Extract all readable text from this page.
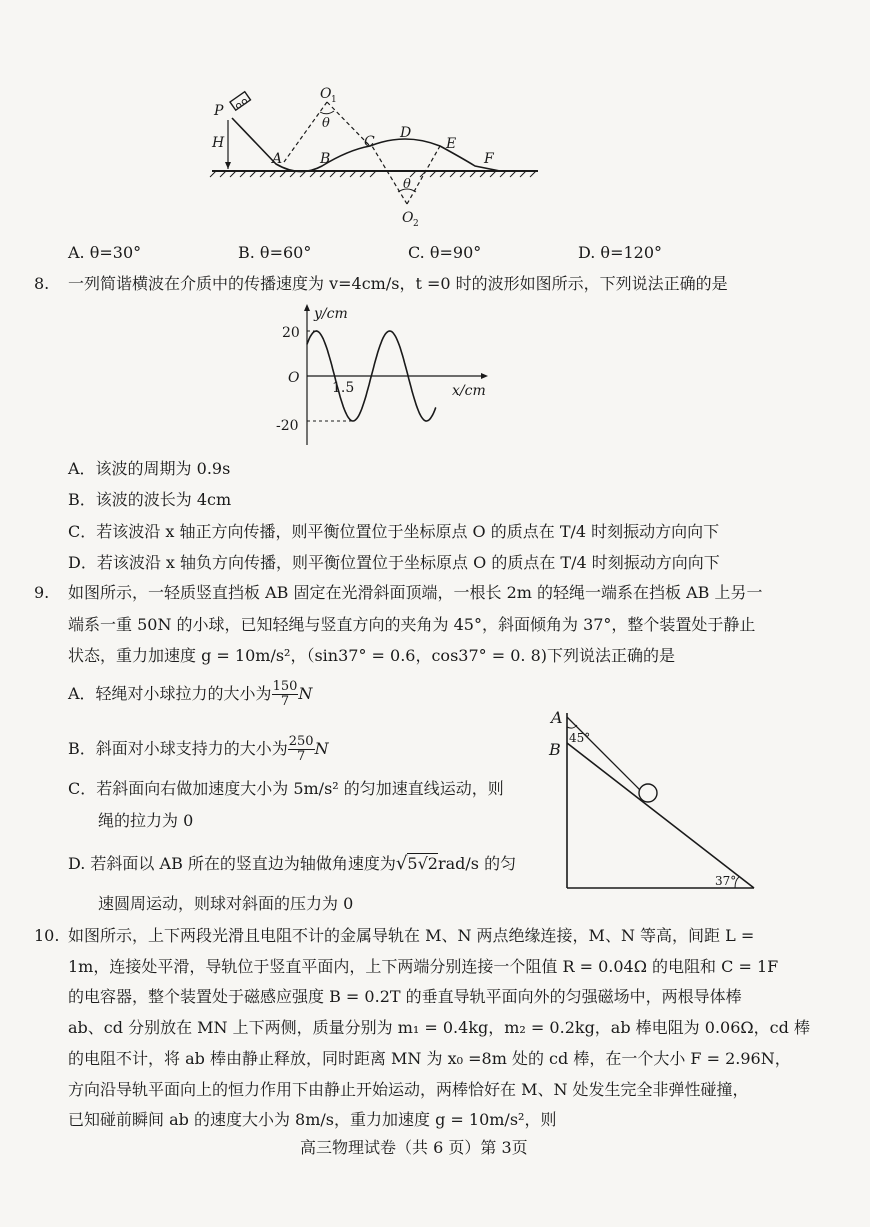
P
H
A	B
C
D
E
F
O 1
θ
θ
O 2
A. θ=30°	B. θ=60°	C. θ=90°	D. θ=120°
8. 一列简谐横波在介质中的传播速度为 v=4cm/s，t =0 时的波形如图所示，下列说法正确的是
y/cm
x/cm
20
O
-20
1.5
A．该波的周期为 0.9s
B．该波的波长为 4cm
C．若该波沿 x 轴正方向传播，则平衡位置位于坐标原点 O 的质点在 T/4 时刻振动方向向下
D．若该波沿 x 轴负方向传播，则平衡位置位于坐标原点 O 的质点在 T/4 时刻振动方向向下
9. 如图所示，一轻质竖直挡板 AB 固定在光滑斜面顶端，一根长 2m 的轻绳一端系在挡板 AB 上另一
端系一重 50N 的小球，已知轻绳与竖直方向的夹角为 45°，斜面倾角为 37°，整个装置处于静止
状态，重力加速度 g = 10m/s²，（sin37° = 0.6，cos37° = 0. 8)下列说法正确的是
A．轻绳对小球拉力的大小为 $\frac{150}{7}$ N
B．斜面对小球支持力的大小为 $\frac{250}{7}$ N
C．若斜面向右做加速度大小为 5m/s² 的匀加速直线运动，则
绳的拉力为 0
D. 若斜面以 AB 所在的竖直边为轴做角速度为√5√2rad/s 的匀
速圆周运动，则球对斜面的压力为 0
A
B
45°
37°
10. 如图所示，上下两段光滑且电阻不计的金属导轨在 M、N 两点绝缘连接，M、N 等高，间距 L =
1m，连接处平滑，导轨位于竖直平面内，上下两端分别连接一个阻值 R = 0.04Ω 的电阻和 C = 1F
的电容器，整个装置处于磁感应强度 B = 0.2T 的垂直导轨平面向外的匀强磁场中，两根导体棒
ab、cd 分别放在 MN 上下两侧，质量分别为 m₁ = 0.4kg，m₂ = 0.2kg，ab 棒电阻为 0.06Ω，cd 棒
的电阻不计，将 ab 棒由静止释放，同时距离 MN 为 x₀ =8m 处的 cd 棒，在一个大小 F = 2.96N，
方向沿导轨平面向上的恒力作用下由静止开始运动，两棒恰好在 M、N 处发生完全非弹性碰撞，
已知碰前瞬间 ab 的速度大小为 8m/s，重力加速度 g = 10m/s²，则
高三物理试卷（共 6 页）第 3页
